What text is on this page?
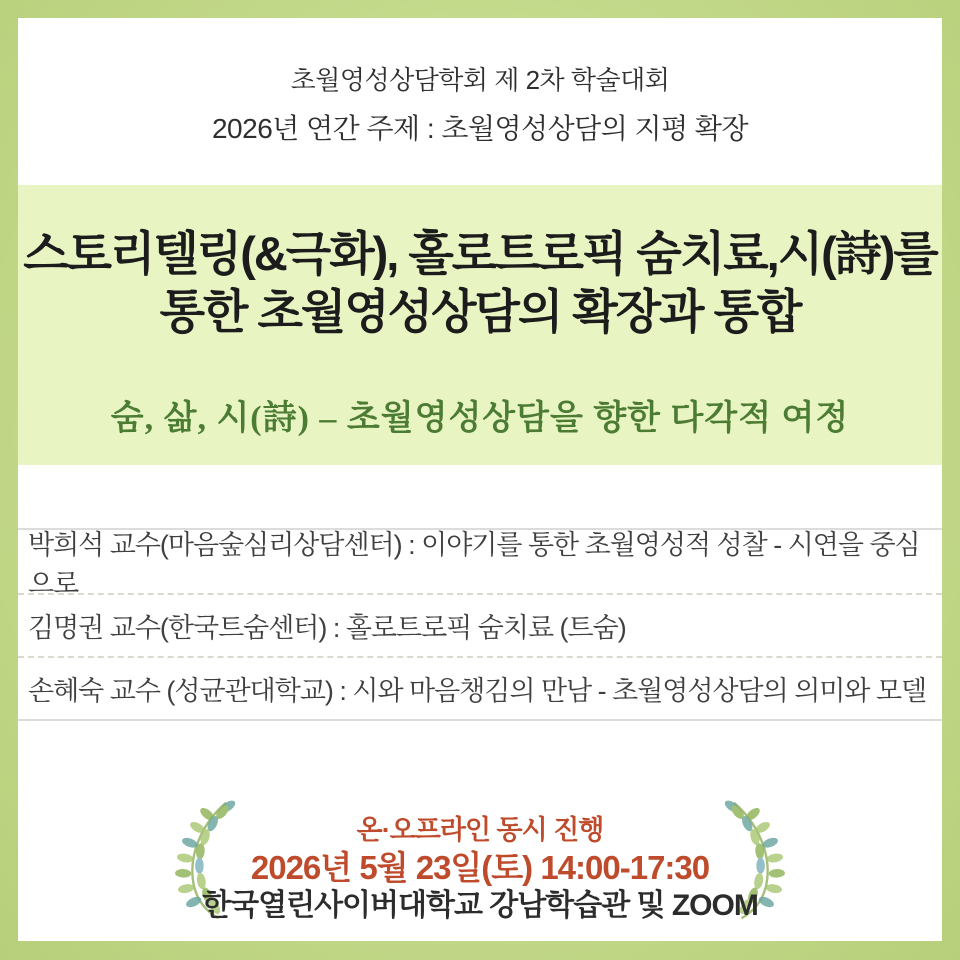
초월영성상담학회 제 2차 학술대회
2026년 연간 주제 : 초월영성상담의 지평 확장
스토리텔링(&극화), 홀로트로픽 숨치료,시(詩)를
통한 초월영성상담의 확장과 통합
숨, 삶, 시(詩) – 초월영성상담을 향한 다각적 여정
박희석 교수(마음숲심리상담센터) : 이야기를 통한 초월영성적 성찰 - 시연을 중심으로
김명권 교수(한국트숨센터) : 홀로트로픽 숨치료 (트숨)
손혜숙 교수 (성균관대학교) : 시와 마음챙김의 만남 - 초월영성상담의 의미와 모델
온·오프라인 동시 진행
2026년 5월 23일(토) 14:00-17:30
한국열린사이버대학교 강남학습관 및 ZOOM
